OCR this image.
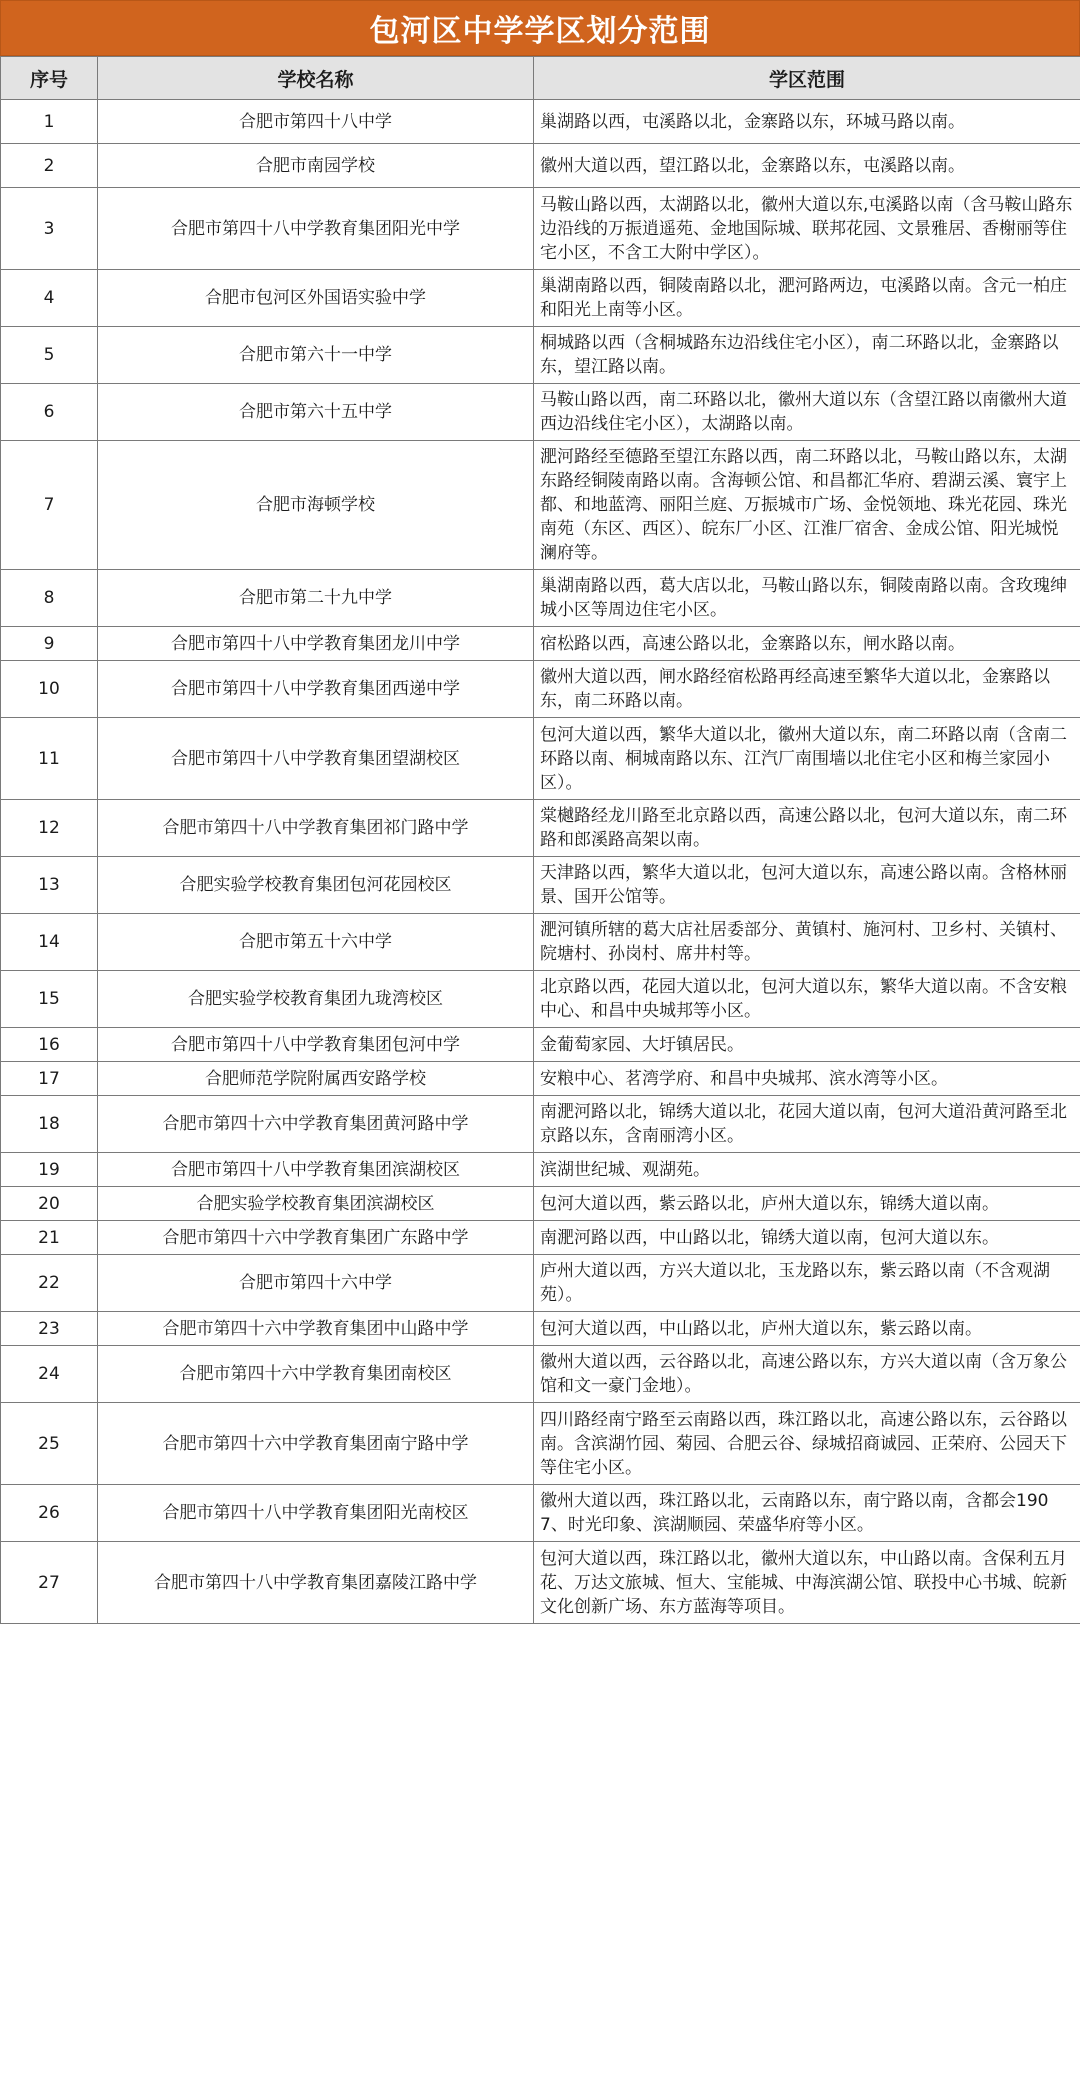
包河区中学学区划分范围
序号	学校名称	学区范围
1	合肥市第四十八中学	巢湖路以西，屯溪路以北，金寨路以东，环城马路以南。
2	合肥市南园学校	徽州大道以西，望江路以北，金寨路以东，屯溪路以南。
3	合肥市第四十八中学教育集团阳光中学	马鞍山路以西，太湖路以北，徽州大道以东,屯溪路以南（含马鞍山路东边沿线的万振逍遥苑、金地国际城、联邦花园、文景雅居、香榭丽等住宅小区，不含工大附中学区）。
4	合肥市包河区外国语实验中学	巢湖南路以西，铜陵南路以北，淝河路两边，屯溪路以南。含元一柏庄和阳光上南等小区。
5	合肥市第六十一中学	桐城路以西（含桐城路东边沿线住宅小区），南二环路以北，金寨路以东，望江路以南。
6	合肥市第六十五中学	马鞍山路以西，南二环路以北，徽州大道以东（含望江路以南徽州大道西边沿线住宅小区），太湖路以南。
7	合肥市海顿学校	淝河路经至德路至望江东路以西，南二环路以北，马鞍山路以东，太湖东路经铜陵南路以南。含海顿公馆、和昌都汇华府、碧湖云溪、寰宇上都、和地蓝湾、丽阳兰庭、万振城市广场、金悦领地、珠光花园、珠光南苑（东区、西区）、皖东厂小区、江淮厂宿舍、金成公馆、阳光城悦澜府等。
8	合肥市第二十九中学	巢湖南路以西，葛大店以北，马鞍山路以东，铜陵南路以南。含玫瑰绅城小区等周边住宅小区。
9	合肥市第四十八中学教育集团龙川中学	宿松路以西，高速公路以北，金寨路以东，闸水路以南。
10	合肥市第四十八中学教育集团西递中学	徽州大道以西，闸水路经宿松路再经高速至繁华大道以北，金寨路以东，南二环路以南。
11	合肥市第四十八中学教育集团望湖校区	包河大道以西，繁华大道以北，徽州大道以东，南二环路以南（含南二环路以南、桐城南路以东、江汽厂南围墙以北住宅小区和梅兰家园小区）。
12	合肥市第四十八中学教育集团祁门路中学	棠樾路经龙川路至北京路以西，高速公路以北，包河大道以东，南二环路和郎溪路高架以南。
13	合肥实验学校教育集团包河花园校区	天津路以西，繁华大道以北，包河大道以东，高速公路以南。含格林丽景、国开公馆等。
14	合肥市第五十六中学	淝河镇所辖的葛大店社居委部分、黄镇村、施河村、卫乡村、关镇村、院塘村、孙岗村、席井村等。
15	合肥实验学校教育集团九珑湾校区	北京路以西，花园大道以北，包河大道以东，繁华大道以南。不含安粮中心、和昌中央城邦等小区。
16	合肥市第四十八中学教育集团包河中学	金葡萄家园、大圩镇居民。
17	合肥师范学院附属西安路学校	安粮中心、茗湾学府、和昌中央城邦、滨水湾等小区。
18	合肥市第四十六中学教育集团黄河路中学	南淝河路以北，锦绣大道以北，花园大道以南，包河大道沿黄河路至北京路以东，含南丽湾小区。
19	合肥市第四十八中学教育集团滨湖校区	滨湖世纪城、观湖苑。
20	合肥实验学校教育集团滨湖校区	包河大道以西，紫云路以北，庐州大道以东，锦绣大道以南。
21	合肥市第四十六中学教育集团广东路中学	南淝河路以西，中山路以北，锦绣大道以南，包河大道以东。
22	合肥市第四十六中学	庐州大道以西，方兴大道以北，玉龙路以东，紫云路以南（不含观湖苑）。
23	合肥市第四十六中学教育集团中山路中学	包河大道以西，中山路以北，庐州大道以东，紫云路以南。
24	合肥市第四十六中学教育集团南校区	徽州大道以西，云谷路以北，高速公路以东，方兴大道以南（含万象公馆和文一豪门金地）。
25	合肥市第四十六中学教育集团南宁路中学	四川路经南宁路至云南路以西，珠江路以北，高速公路以东，云谷路以南。含滨湖竹园、菊园、合肥云谷、绿城招商诚园、正荣府、公园天下等住宅小区。
26	合肥市第四十八中学教育集团阳光南校区	徽州大道以西，珠江路以北，云南路以东，南宁路以南，含都会1907、时光印象、滨湖顺园、荣盛华府等小区。
27	合肥市第四十八中学教育集团嘉陵江路中学	包河大道以西，珠江路以北，徽州大道以东，中山路以南。含保利五月花、万达文旅城、恒大、宝能城、中海滨湖公馆、联投中心书城、皖新文化创新广场、东方蓝海等项目。
